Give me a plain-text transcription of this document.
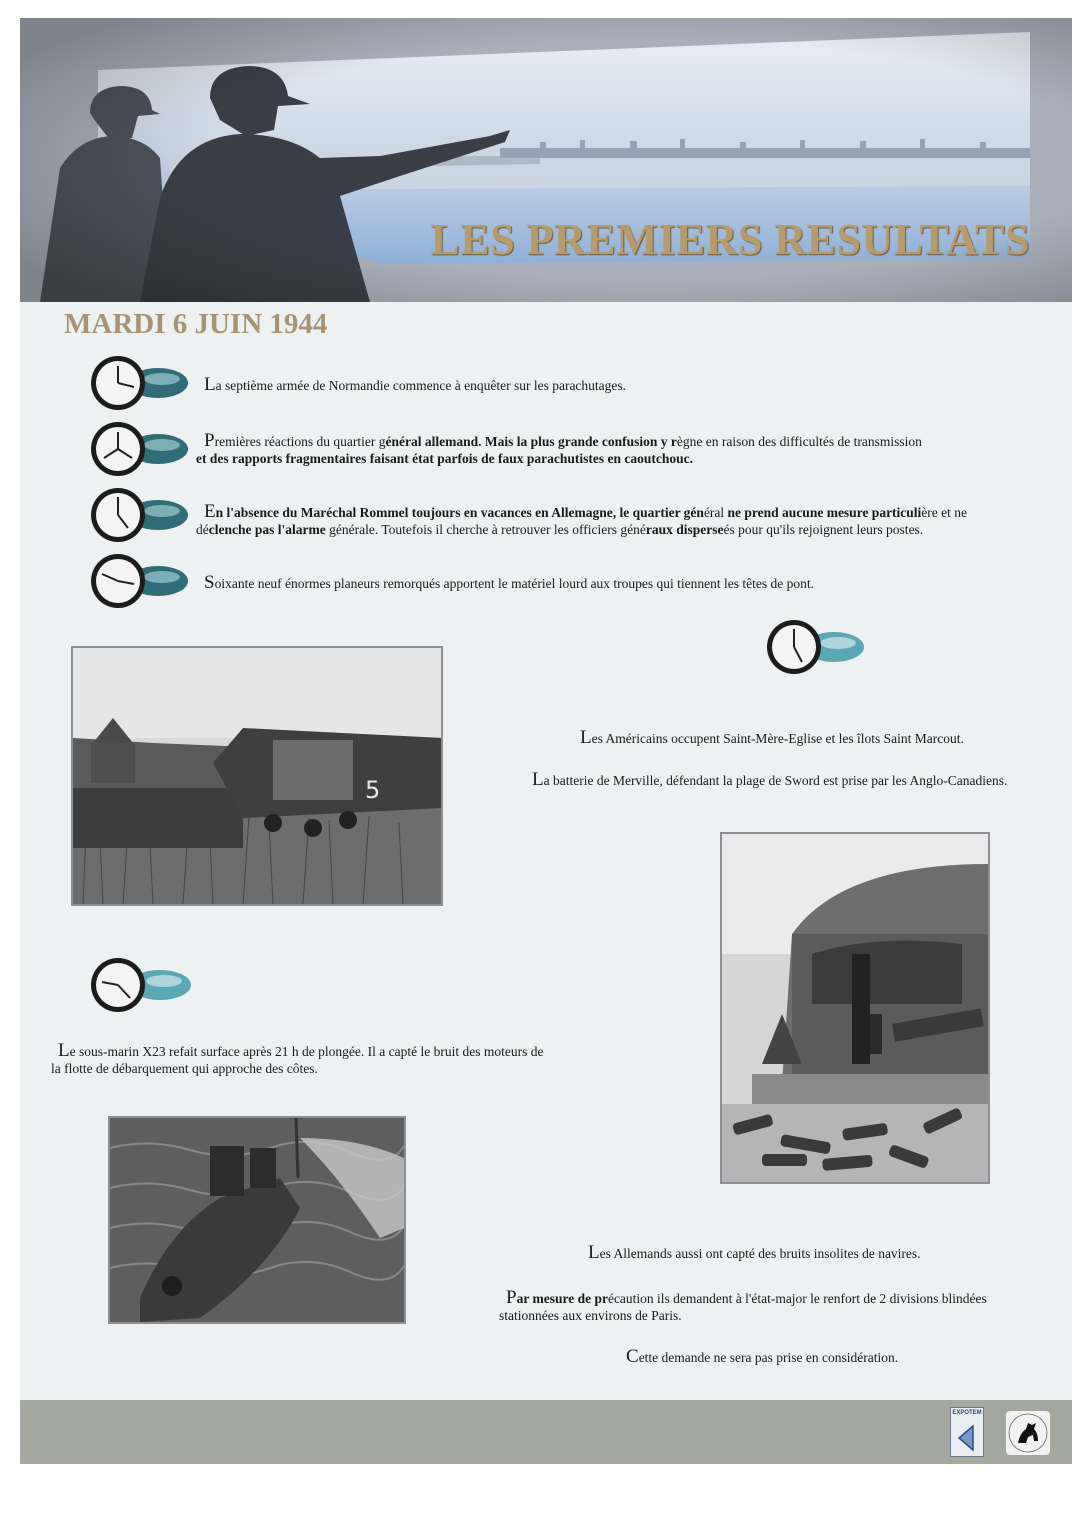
LES PREMIERS RESULTATS
MARDI 6 JUIN 1944
La septième armée de Normandie commence à enquêter sur les parachutages.
Premières réactions du quartier général allemand. Mais la plus grande confusion y règne en raison des difficultés de transmission
et des rapports fragmentaires faisant état parfois de faux parachutistes en caoutchouc.
En l'absence du Maréchal Rommel toujours en vacances en Allemagne, le quartier général ne prend aucune mesure particulière et ne
déclenche pas l'alarme générale. Toutefois il cherche à retrouver les officiers généraux disperseés pour qu'ils rejoignent leurs postes.
Soixante neuf énormes planeurs remorqués apportent le matériel lourd aux troupes qui tiennent les têtes de pont.
5
Les Américains occupent Saint-Mère-Eglise et les îlots Saint Marcout.
La batterie de Merville, défendant la plage de Sword est prise par les Anglo-Canadiens.
Le sous-marin X23 refait surface après 21 h de plongée. Il a capté le bruit des moteurs de
la flotte de débarquement qui approche des côtes.
Les Allemands aussi ont capté des bruits insolites de navires.
Par mesure de précaution ils demandent à l'état-major le renfort de 2 divisions blindées
stationnées aux environs de Paris.
Cette demande ne sera pas prise en considération.
EXPOTEM
